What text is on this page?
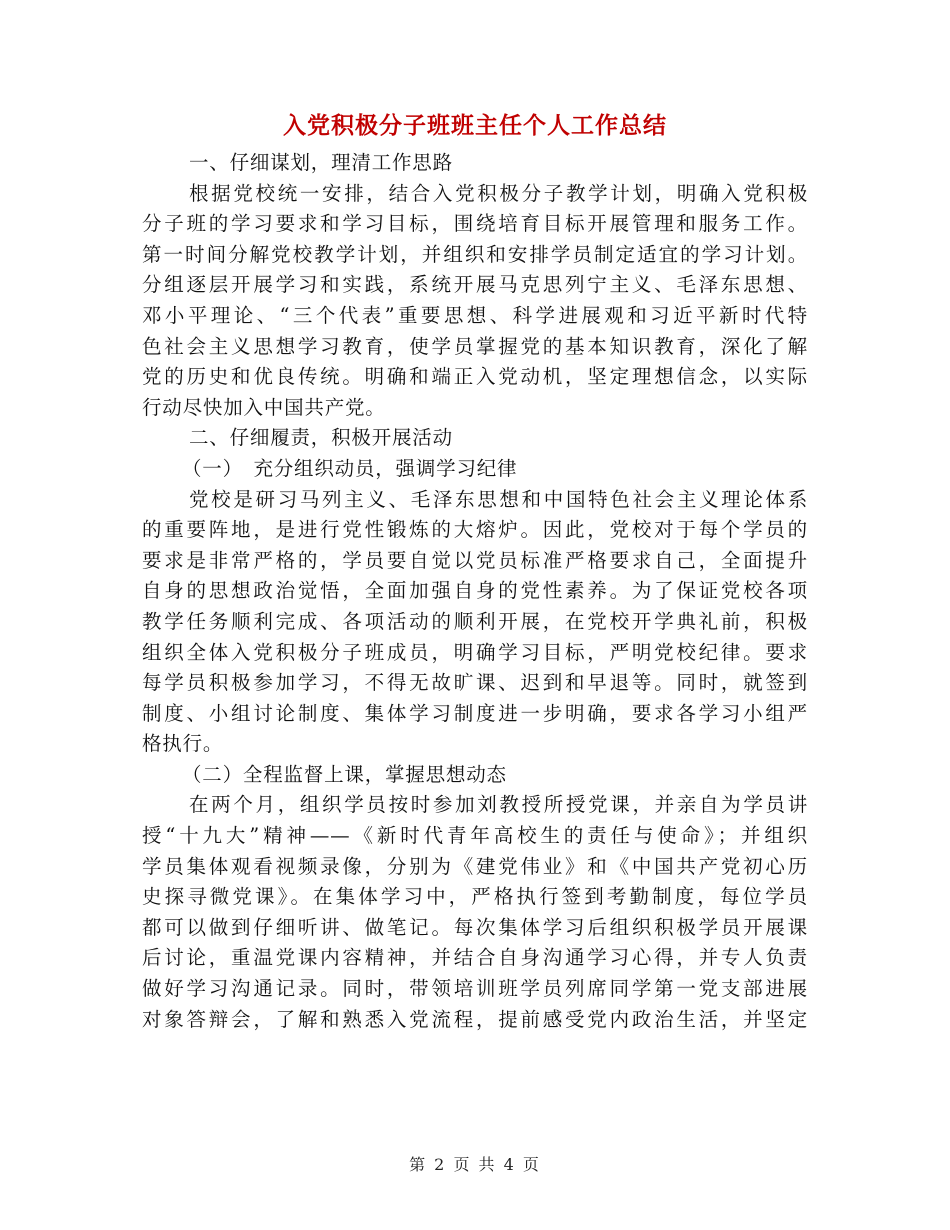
入党积极分子班班主任个人工作总结
一、仔细谋划，理清工作思路
根据党校统一安排，结合入党积极分子教学计划，明确入党积极
分子班的学习要求和学习目标，围绕培育目标开展管理和服务工作。
第一时间分解党校教学计划，并组织和安排学员制定适宜的学习计划。
分组逐层开展学习和实践，系统开展马克思列宁主义、毛泽东思想、
邓小平理论、“三个代表”重要思想、科学进展观和习近平新时代特
色社会主义思想学习教育，使学员掌握党的基本知识教育，深化了解
党的历史和优良传统。明确和端正入党动机，坚定理想信念，以实际
行动尽快加入中国共产党。
二、仔细履责，积极开展活动
（一）　充分组织动员，强调学习纪律
党校是研习马列主义、毛泽东思想和中国特色社会主义理论体系
的重要阵地，是进行党性锻炼的大熔炉。因此，党校对于每个学员的
要求是非常严格的，学员要自觉以党员标准严格要求自己，全面提升
自身的思想政治觉悟，全面加强自身的党性素养。为了保证党校各项
教学任务顺利完成、各项活动的顺利开展，在党校开学典礼前，积极
组织全体入党积极分子班成员，明确学习目标，严明党校纪律。要求
每学员积极参加学习，不得无故旷课、迟到和早退等。同时，就签到
制度、小组讨论制度、集体学习制度进一步明确，要求各学习小组严
格执行。
（二）全程监督上课，掌握思想动态
在两个月，组织学员按时参加刘教授所授党课，并亲自为学员讲
授“十九大”精神——《新时代青年高校生的责任与使命》；并组织
学员集体观看视频录像，分别为《建党伟业》和《中国共产党初心历
史探寻微党课》。在集体学习中，严格执行签到考勤制度，每位学员
都可以做到仔细听讲、做笔记。每次集体学习后组织积极学员开展课
后讨论，重温党课内容精神，并结合自身沟通学习心得，并专人负责
做好学习沟通记录。同时，带领培训班学员列席同学第一党支部进展
对象答辩会，了解和熟悉入党流程，提前感受党内政治生活，并坚定
第 2 页 共 4 页
